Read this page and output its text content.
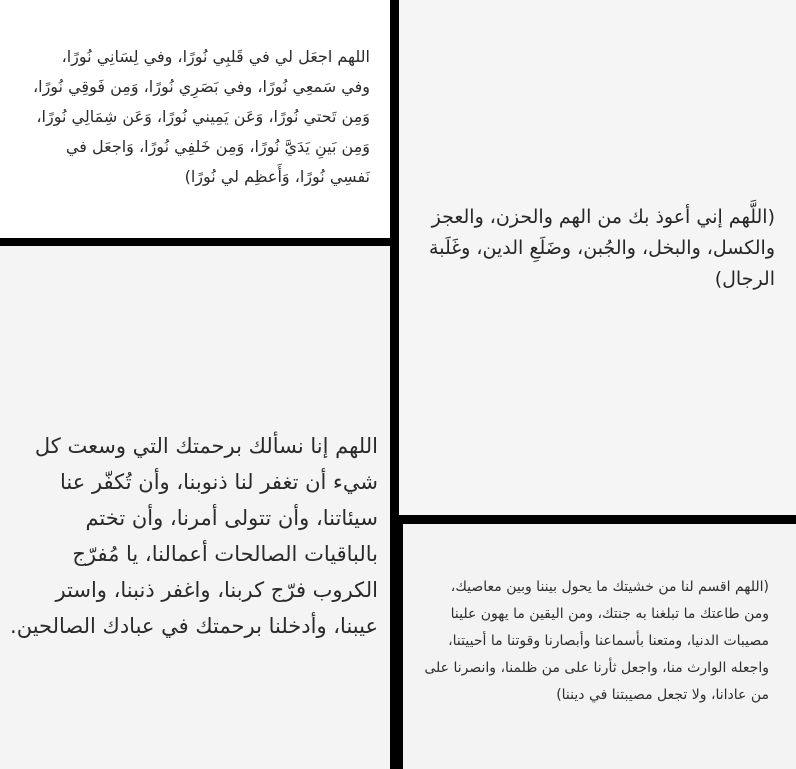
اللهم اجعَل لي في قَلبِي نُورًا، وفي لِسَانِي نُورًا، وفي سَمعِي نُورًا، وفي بَصَرِي نُورًا، وَمِن فَوقِي نُورًا، وَمِن تَحتي نُورًا، وَعَن يَمِيني نُورًا، وَعَن شِمَالِي نُورًا، وَمِن بَينِ يَدَيَّ نُورًا، وَمِن خَلفِي نُورًا، وَاجعَل في نَفسِي نُورًا، وَأَعظِم لي نُورًا)

(اللَّهم إني أعوذ بك من الهم والحزن، والعجز والكسل، والبخل، والجُبن، وضَلَعِ الدين، وغَلَبة الرجال)

اللهم إنا نسألك برحمتك التي وسعت كل شيء أن تغفر لنا ذنوبنا، وأن تُكفّر عنا سيئاتنا، وأن تتولى أمرنا، وأن تختم بالباقيات الصالحات أعمالنا، يا مُفرّج الكروب فرّج كربنا، واغفر ذنبنا، واستر عيبنا، وأدخلنا برحمتك في عبادك الصالحين.

(اللهم اقسم لنا من خشيتك ما يحول بيننا وبين معاصيك، ومن طاعتك ما تبلغنا به جنتك، ومن اليقين ما يهون علينا مصيبات الدنيا، ومتعنا بأسماعنا وأبصارنا وقوتنا ما أحييتنا، واجعله الوارث منا، واجعل ثأرنا على من ظلمنا، وانصرنا على من عادانا، ولا تجعل مصيبتنا في ديننا)
